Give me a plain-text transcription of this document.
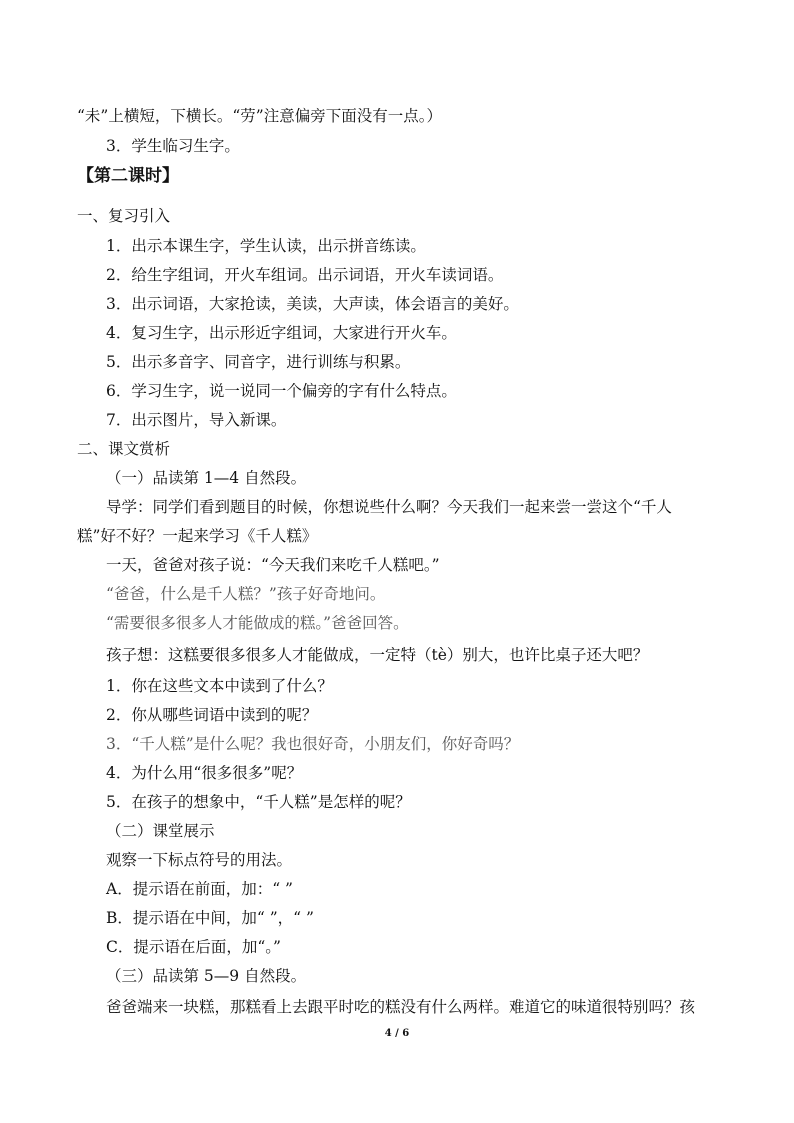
“未”上横短，下横长。“劳”注意偏旁下面没有一点。）
3．学生临习生字。
【第二课时】
一、复习引入
1．出示本课生字，学生认读，出示拼音练读。
2．给生字组词，开火车组词。出示词语，开火车读词语。
3．出示词语，大家抢读，美读，大声读，体会语言的美好。
4．复习生字，出示形近字组词，大家进行开火车。
5．出示多音字、同音字，进行训练与积累。
6．学习生字，说一说同一个偏旁的字有什么特点。
7．出示图片，导入新课。
二、课文赏析
（一）品读第 1—4 自然段。
导学：同学们看到题目的时候，你想说些什么啊？今天我们一起来尝一尝这个“千人
糕”好不好？一起来学习《千人糕》
一天，爸爸对孩子说：“今天我们来吃千人糕吧。”
“爸爸，什么是千人糕？”孩子好奇地问。
“需要很多很多人才能做成的糕。”爸爸回答。
孩子想：这糕要很多很多人才能做成，一定特（tè）别大，也许比桌子还大吧？
1．你在这些文本中读到了什么？
2．你从哪些词语中读到的呢？
3．“千人糕”是什么呢？我也很好奇，小朋友们，你好奇吗？
4．为什么用“很多很多”呢？
5．在孩子的想象中，“千人糕”是怎样的呢？
（二）课堂展示
观察一下标点符号的用法。
A．提示语在前面，加：“ ”
B．提示语在中间，加“ ”，“ ”
C．提示语在后面，加“。”
（三）品读第 5—9 自然段。
爸爸端来一块糕，那糕看上去跟平时吃的糕没有什么两样。难道它的味道很特别吗？孩
4 / 6
